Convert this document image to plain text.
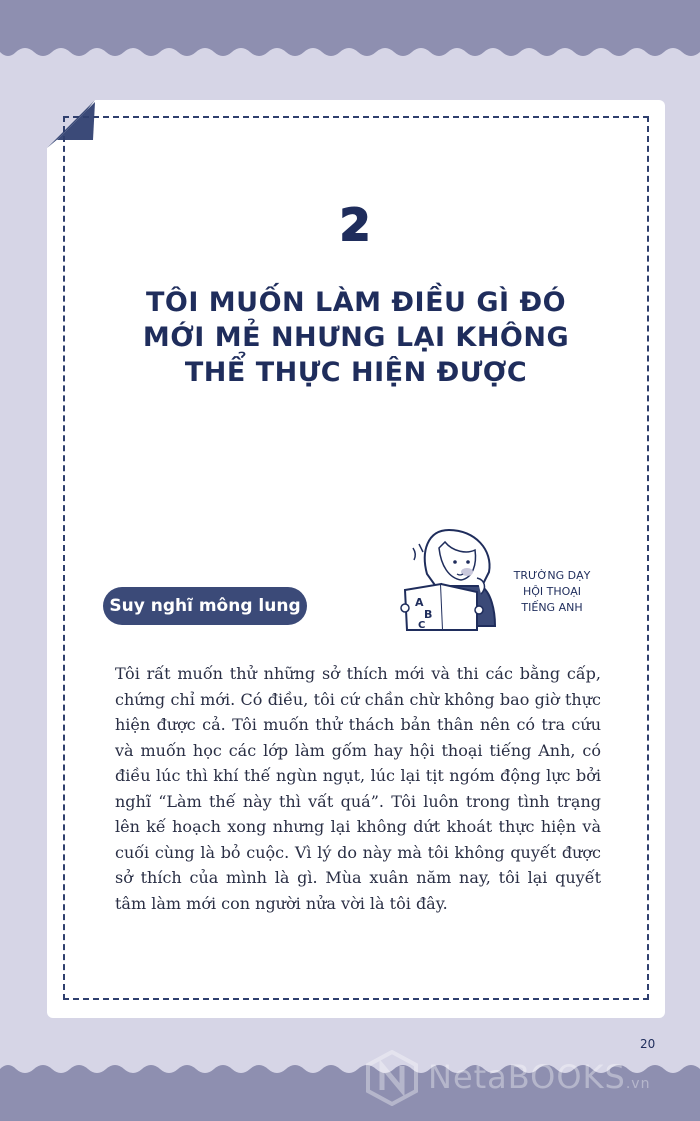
2
TÔI MUỐN LÀM ĐIỀU GÌ ĐÓ
MỚI MẺ NHƯNG LẠI KHÔNG
THỂ THỰC HIỆN ĐƯỢC
A
B
C
TRƯỜNG DẠY
HỘI THOẠI
TIẾNG ANH
Suy nghĩ mông lung
Tôi rất muốn thử những sở thích mới và thi các bằng cấp, chứng chỉ mới. Có điều, tôi cứ chần chừ không bao giờ thực hiện được cả. Tôi muốn thử thách bản thân nên có tra cứu và muốn học các lớp làm gốm hay hội thoại tiếng Anh, có điều lúc thì khí thế ngùn ngụt, lúc lại tịt ngóm động lực bởi nghĩ “Làm thế này thì vất quá”. Tôi luôn trong tình trạng lên kế hoạch xong nhưng lại không dứt khoát thực hiện và cuối cùng là bỏ cuộc. Vì lý do này mà tôi không quyết được sở thích của mình là gì. Mùa xuân năm nay, tôi lại quyết tâm làm mới con người nửa vời là tôi đây.
20
NetaBOOKS.vn
